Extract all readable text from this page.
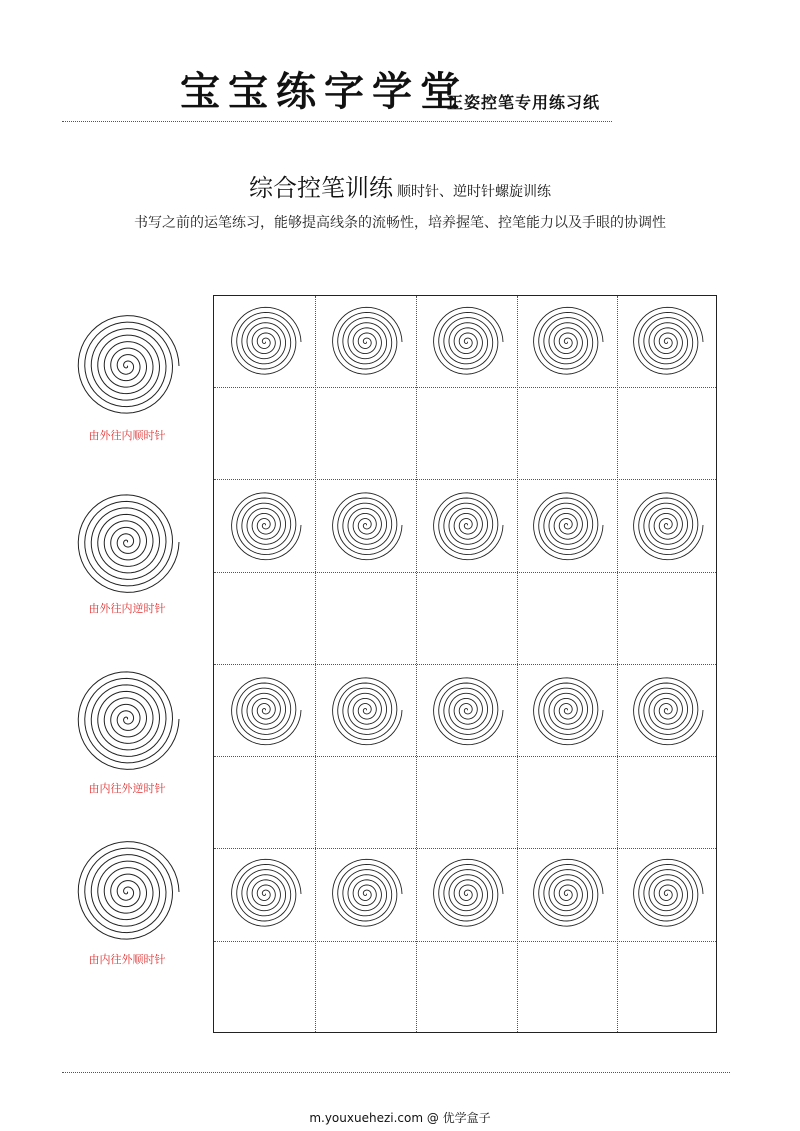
宝宝练字学堂
正姿控笔专用练习纸
综合控笔训练 顺时针、逆时针螺旋训练
书写之前的运笔练习，能够提高线条的流畅性，培养握笔、控笔能力以及手眼的协调性
由外往内顺时针
由外往内逆时针
由内往外逆时针
由内往外顺时针
m.youxuehezi.com @ 优学盒子
